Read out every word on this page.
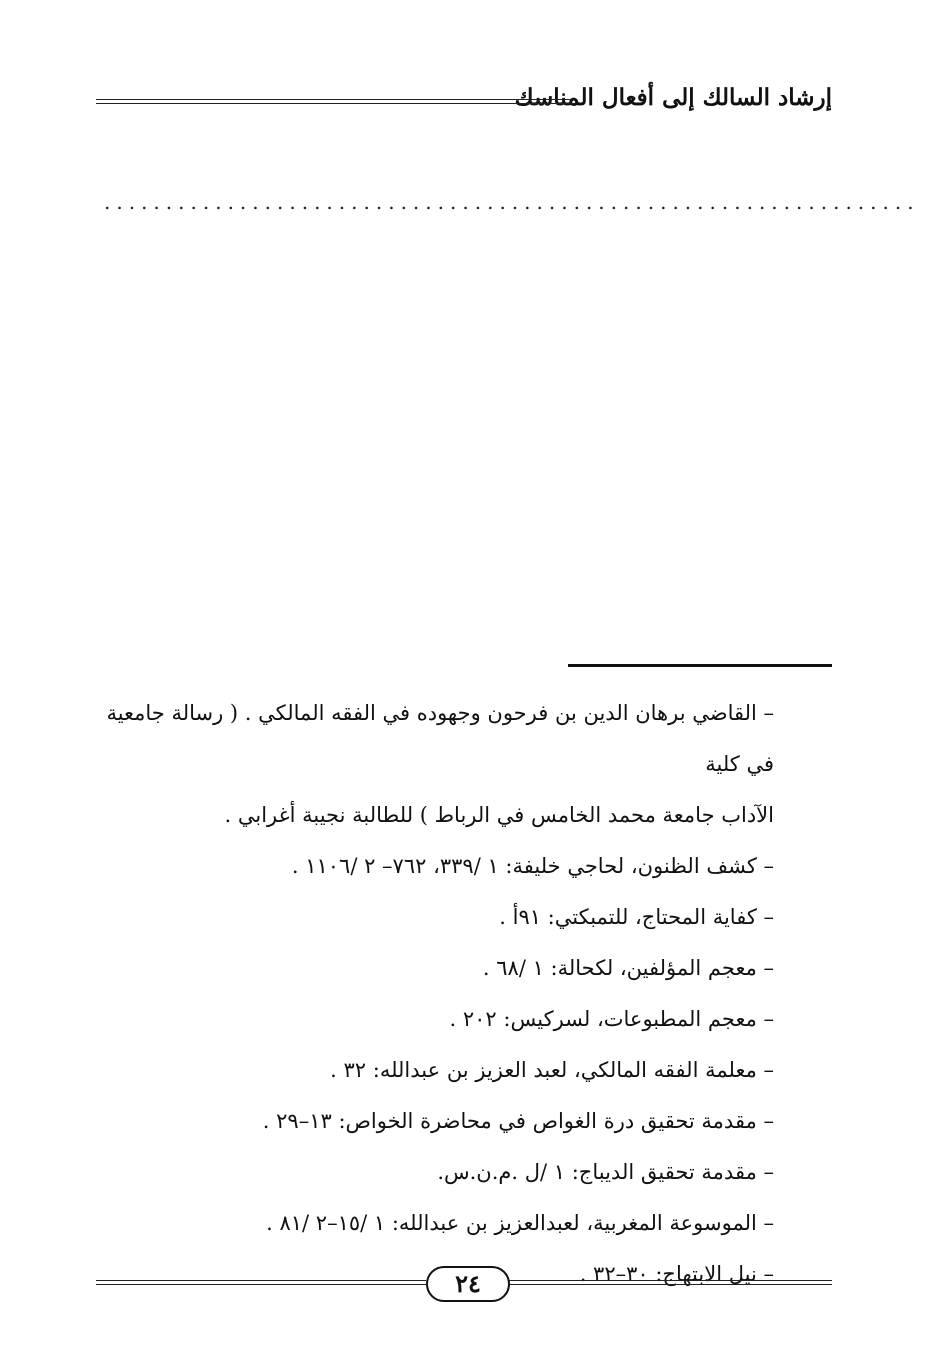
إرشاد السالك إلى أفعال المناسك
..................................................................
– القاضي برهان الدين بن فرحون وجهوده في الفقه المالكي . ( رسالة جامعية في كلية
الآداب جامعة محمد الخامس في الرباط ) للطالبة نجيبة أغرابي .
– كشف الظنون، لحاجي خليفة: ١ /٣٣٩، ٧٦٢– ٢ /١١٠٦ .
– كفاية المحتاج، للتمبكتي: ٩١أ .
– معجم المؤلفين، لكحالة: ١ /٦٨ .
– معجم المطبوعات، لسركيس: ٢٠٢ .
– معلمة الفقه المالكي، لعبد العزيز بن عبدالله: ٣٢ .
– مقدمة تحقيق درة الغواص في محاضرة الخواص: ١٣–٢٩ .
– مقدمة تحقيق الديباج: ١ /ل .م.ن.س.
– الموسوعة المغربية، لعبدالعزيز بن عبدالله: ١ /١٥–٢ /٨١ .
– نيل الابتهاج: ٣٠–٣٢ .
٢٤
